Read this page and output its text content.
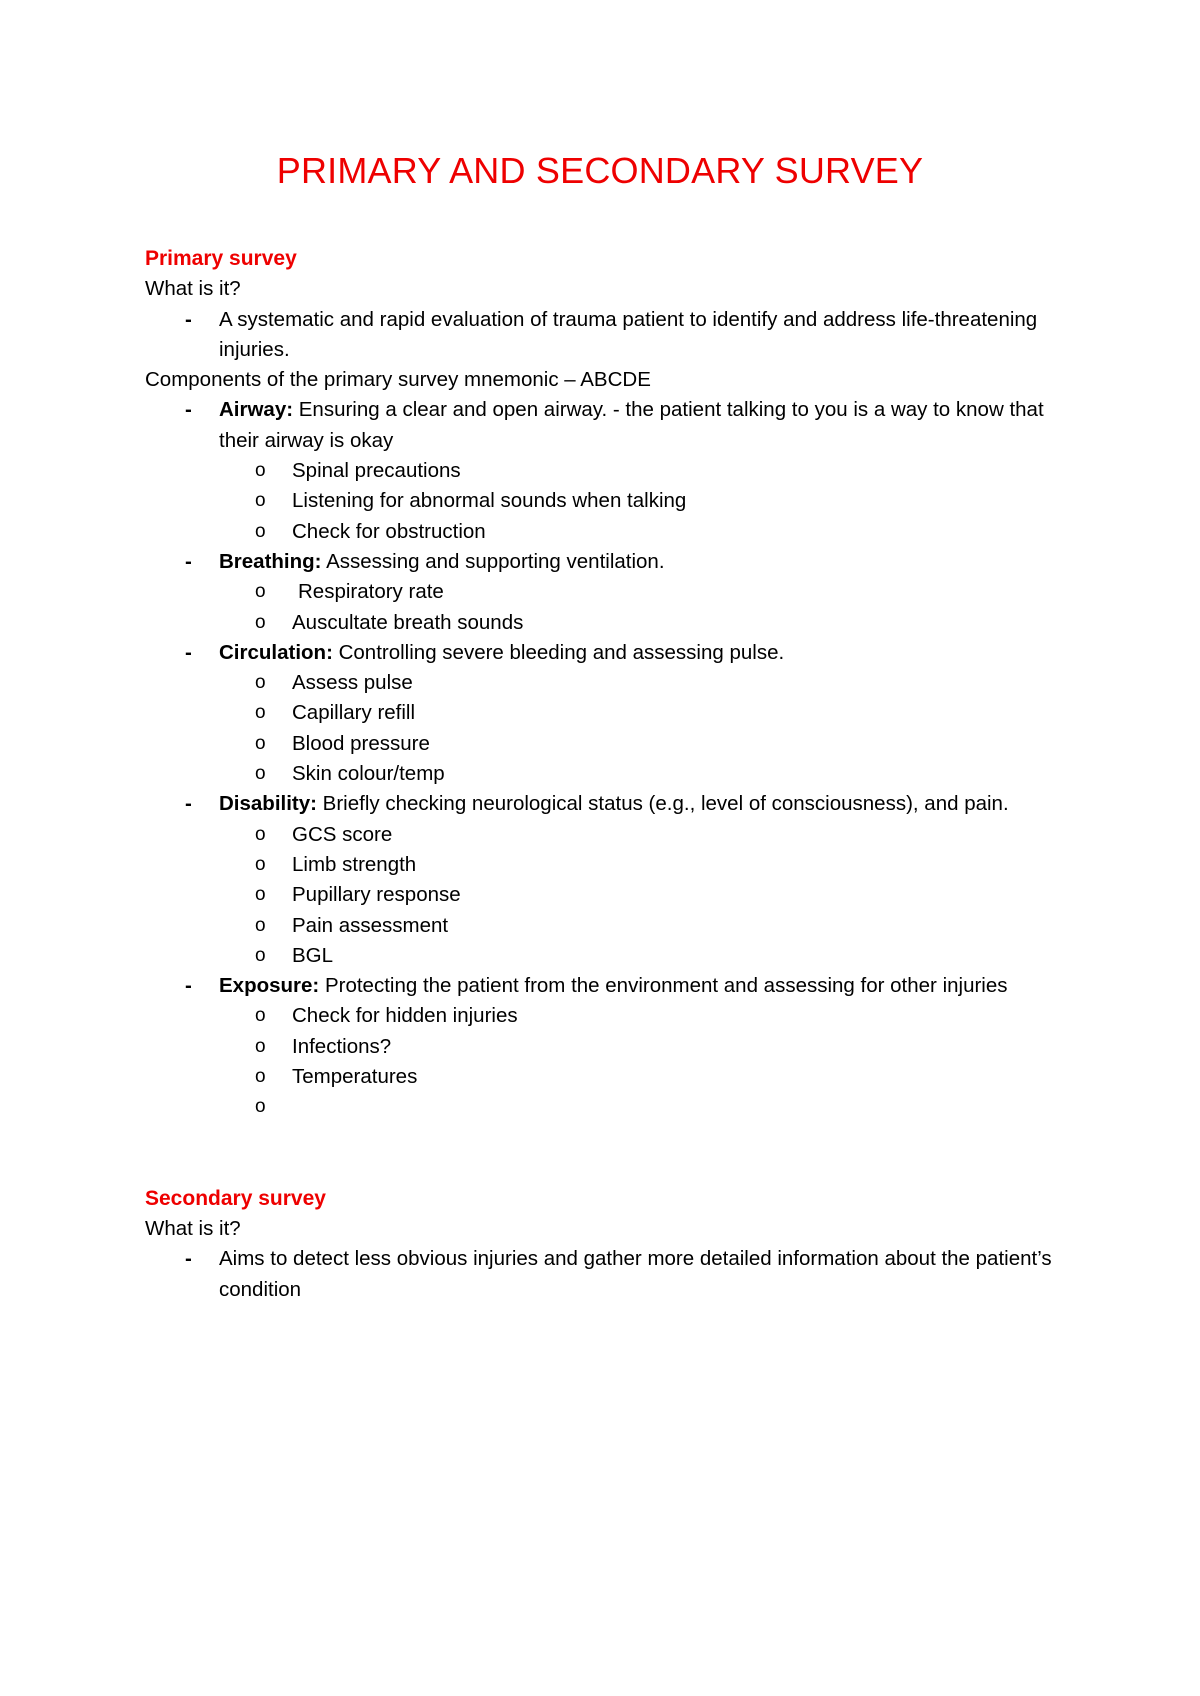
PRIMARY AND SECONDARY SURVEY
Primary survey

What is it?

- A systematic and rapid evaluation of trauma patient to identify and address life-threatening injuries.

Components of the primary survey mnemonic – ABCDE

- Airway: Ensuring a clear and open airway. - the patient talking to you is a way to know that their airway is okay
o Spinal precautions
o Listening for abnormal sounds when talking
o Check for obstruction
- Breathing: Assessing and supporting ventilation.
o Respiratory rate
o Auscultate breath sounds
- Circulation: Controlling severe bleeding and assessing pulse.
o Assess pulse
o Capillary refill
o Blood pressure
o Skin colour/temp
- Disability: Briefly checking neurological status (e.g., level of consciousness), and pain.
o GCS score
o Limb strength
o Pupillary response
o Pain assessment
o BGL
- Exposure: Protecting the patient from the environment and assessing for other injuries
o Check for hidden injuries
o Infections?
o Temperatures
o
Secondary survey

What is it?

- Aims to detect less obvious injuries and gather more detailed information about the patient’s condition
